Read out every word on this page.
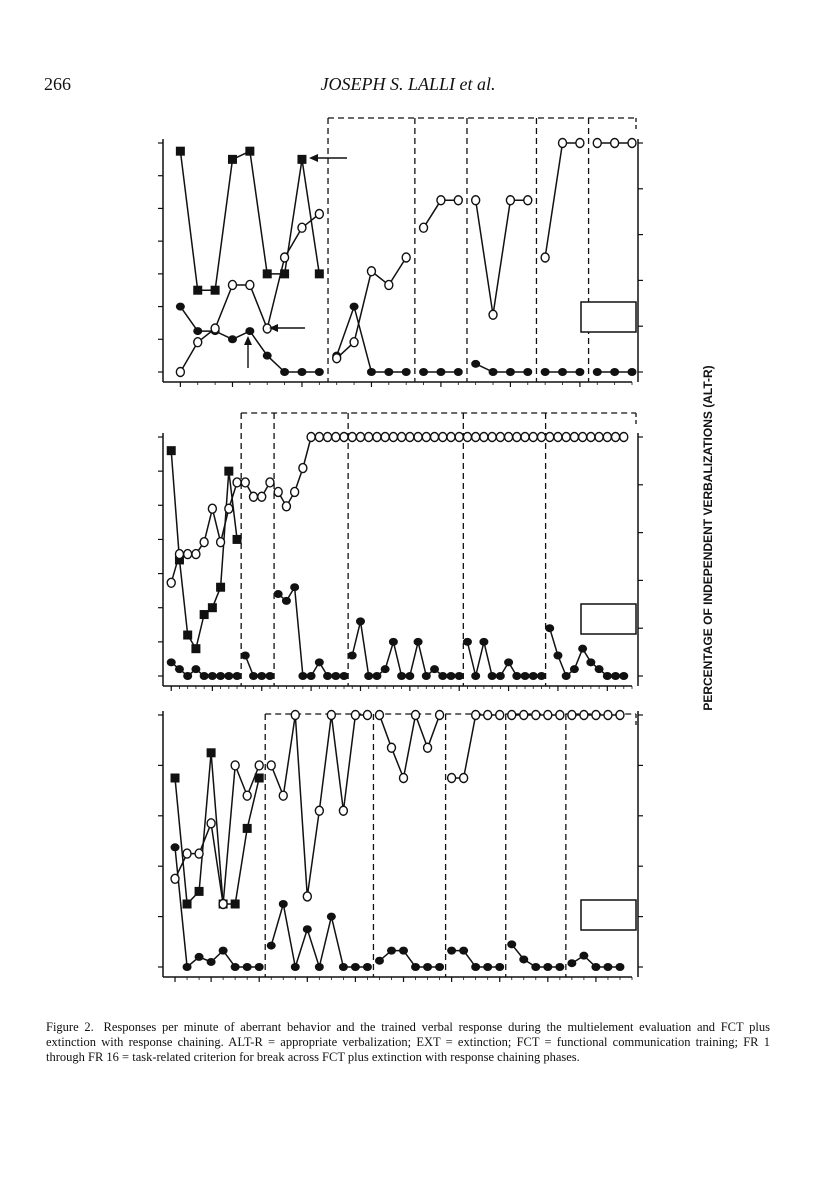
266	JOSEPH S. LALLI et al.
PERCENTAGE OF INDEPENDENT VERBALIZATIONS (ALT-R)
Figure 2. Responses per minute of aberrant behavior and the trained verbal response during the multielement evaluation and FCT plus extinction with response chaining. ALT-R = appropriate verbalization; EXT = extinction; FCT = functional communication training; FR 1 through FR 16 = task-related criterion for break across FCT plus extinction with response chaining phases.
